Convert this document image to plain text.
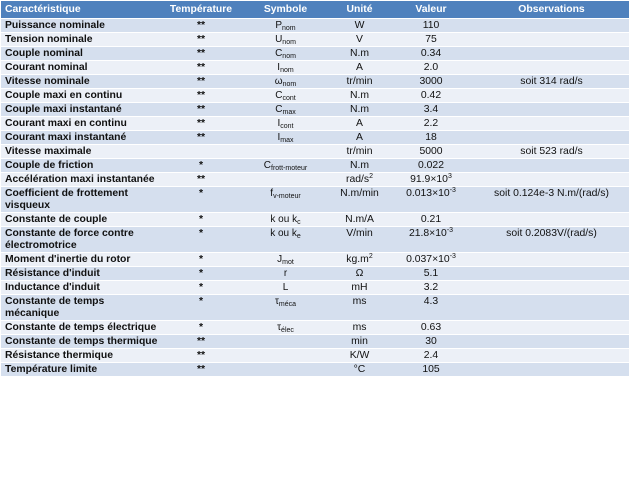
Caractéristique	Température	Symbole	Unité	Valeur	Observations
Puissance nominale	**	$P_{nom}$	W	110	
Tension nominale	**	$U_{nom}$	V	75	
Couple nominal	**	$C_{nom}$	N.m	0.34	
Courant nominal	**	$I_{nom}$	A	2.0	
Vitesse nominale	**	$\omega_{nom}$	tr/min	3000	soit 314 rad/s
Couple maxi en continu	**	$C_{cont}$	N.m	0.42	
Couple maxi instantané	**	$C_{max}$	N.m	3.4	
Courant maxi en continu	**	$I_{cont}$	A	2.2	
Courant maxi instantané	**	$I_{max}$	A	18	
Vitesse maximale			tr/min	5000	soit 523 rad/s
Couple de friction	*	$C_{frott-moteur}$	N.m	0.022	
Accélération maxi instantanée	**		rad/$s^2$	$91.9\times 10^3$	
Coefficient de frottement visqueux	*	$f_{v-moteur}$	N.m/min	$0.013\times 10^{-3}$	soit 0.124e-3 N.m/(rad/s)
Constante de couple	*	k ou $k_c$	N.m/A	0.21	
Constante de force contre électromotrice	*	k ou $k_e$	V/min	$21.8\times 10^{-3}$	soit 0.2083V/(rad/s)
Moment d'inertie du rotor	*	$J_{mot}$	$kg.m^2$	$0.037\times 10^{-3}$	
Résistance d'induit	*	r	Ω	5.1	
Inductance d'induit	*	L	mH	3.2	
Constante de temps mécanique	*	$\tau_{méca}$	ms	4.3	
Constante de temps électrique	*	$\tau_{élec}$	ms	0.63	
Constante de temps thermique	**		min	30	
Résistance thermique	**		K/W	2.4	
Température limite	**		°C	105	
